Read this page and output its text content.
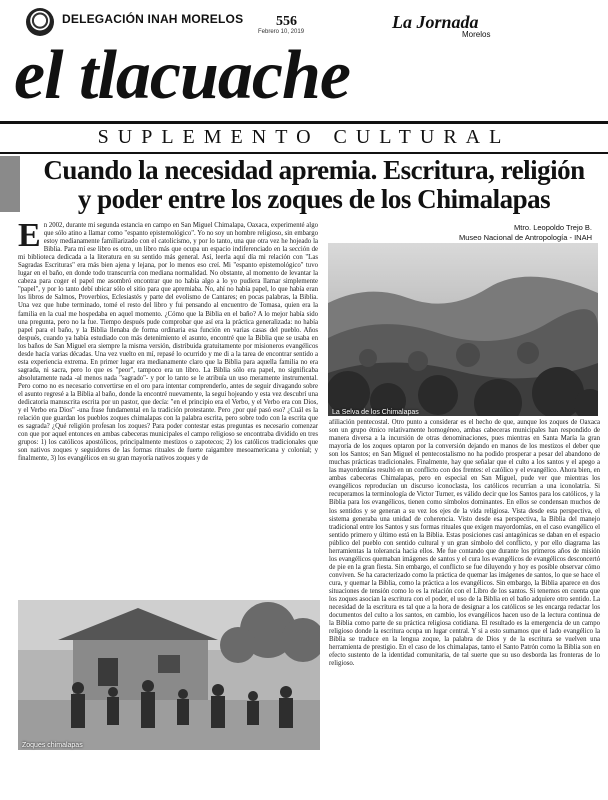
DELEGACIÓN INAH MORELOS 556
Febrero 10, 2019	La Jornada
Morelos
el tlacuache
SUPLEMENTO CULTURAL
Cuando la necesidad apremia. Escritura, religión
y poder entre los zoques de los Chimalapas
Mtro. Leopoldo Trejo B.
Museo Nacional de Antropología - INAH
E n 2002, durante mi segunda estancia en campo en San Miguel Chimalapa, Oaxaca, experimenté algo que sólo atino a llamar como "espanto epistemológico". Yo no soy un hombre religioso, sin embargo estoy medianamente familiarizado con el catolicismo, y por lo tanto, una que otra vez he hojeado la Biblia. Para mí ese libro es otro, un libro más que ocupa un espacio indiferenciado en la sección de mi biblioteca dedicada a la literatura en su sentido más general. Así, leerla aquí día mi relación con "Las Sagradas Escrituras" era más bien ajena y lejana, por lo menos eso creí. Mi "espanto epistemológico" tuvo lugar en el baño, en donde todo transcurría con mediana normalidad. No obstante, al momento de levantar la cabeza para coger el papel me asombró encontrar que no había algo a lo yo pudiera llamar simplemente "papel", y por lo tanto debí ubicar sólo el sitio para que apremiaba. No, ahí no había papel, lo que había eran los libros de Salmos, Proverbios, Eclesiastés y parte del evolismo de Cantares; en pocas palabras, la Biblia. Una vez que hube terminado, tomé el resto del libro y fui pensando al encuentro de Tomasa, quien era la familia en la cual me hospedaba en aquel momento. ¿Cómo que la Biblia en el baño? A lo mejor había sido una pregunta, pero no la fue. Tiempo después pude comprobar que así era la práctica generalizada: no había papel para el baño, y la Biblia llenaba de forma ordinaria esa función en varias casas del pueblo. Años después, cuando ya había estudiado con más detenimiento el asunto, encontré que la Biblia que se usaba en los baños de San Miguel era siempre la misma versión, distribuida gratuitamente por misioneros evangélicos desde hacía varias décadas. Una vez vuelto en mí, repasé lo ocurrido y me di a la tarea de encontrar sentido a esta experiencia extrema. En primer lugar era medianamente claro que la Biblia para aquella familia no era sagrada, ni sacra, pero lo que es "peor", tampoco era un libro. La Biblia sólo era papel, no significaba absolutamente nada -al menos nada "sagrado"- y por lo tanto se le atribuía un uso meramente instrumental. Pero como no es necesario convertirse en el oro para intentar comprenderlo, antes de seguir divagando sobre el asunto regresé a la Biblia al baño, donde la encontré nuevamente, la seguí hojeando y esta vez descubrí una dedicatoria manuscrita escrita por un pastor, que decía: "en el principio era el Verbo, y el Verbo era con Dios, y el Verbo era Dios" -una frase fundamental en la tradición protestante. Pero ¿por qué pasó eso? ¿Cuál es la relación que guardan los pueblos zoques chimalapas con la palabra escrita, pero sobre todo con la escrita que es sagrada? ¿Qué religión profesan los zoques? Para poder contestar estas preguntas es necesario comenzar con que por aquel entonces en ambas cabeceras municipales el campo religioso se encontraba dividido en tres grupos: 1) los católicos apostólicos, principalmente mestizos o zapotecos; 2) los católicos tradicionales que son nativos zoques y seguidores de las formas rituales de fuerte raigambre mesoamericana y colonial; y finalmente, 3) los evangélicos en su gran mayoría nativos zoques y de
La Selva de los Chimalapas
afiliación pentecostal. Otro punto a considerar es el hecho de que, aunque los zoques de Oaxaca son un grupo étnico relativamente homogéneo, ambas cabeceras municipales han respondido de manera diversa a la incursión de otras denominaciones, pues mientras en Santa María la gran mayoría de los zoques optaron por la conversión dejando en manos de los mestizos el deber que son los Santos; en San Miguel el pentecostalismo no ha podido prosperar a pesar del abandono de muchas prácticas tradicionales. Finalmente, hay que señalar que el culto a los santos y el apego a las mayordomías resultó en un conflicto con dos frentes: el católico y el evangélico. Ahora bien, en ambas cabeceras Chimalapas, pero en especial en San Miguel, pude ver que mientras los evangélicos reproducían un discurso iconoclasta, los católicos recurrían a una iconolatría. Si recuperamos la terminología de Victor Turner, es válido decir que los Santos para los católicos, y la Biblia para los evangélicos, tienen como símbolos dominantes. En ellos se condensan muchos de los sentidos y se generan a su vez los ejes de la vida religiosa. Vista desde esta perspectiva, el sistema generaba una unidad de coherencia. Visto desde esa perspectiva, la Biblia del manejo tradicional entre los Santos y sus formas rituales que exigen mayordomías, en el caso evangélico el sentido primero y último está en la Biblia. Estas posiciones casi antagónicas se daban en el espacio público del pueblo con sentido cultural y un gran símbolo del conflicto, y por ello diagrama las herramientas la tolerancia hacia ellos. Me fue contando que durante los primeros años de misión los evangélicos quemaban imágenes de santos y el cura los evangélicos de evangélicos desconcertó de pie en la gran fiesta. Sin embargo, el conflicto se fue diluyendo y hoy es posible observar cómo conviven. Se ha caracterizado como la práctica de quemar las imágenes de santos, lo que se hace el cura, y quemar la Biblia, como la práctica a los evangélicos. Sin embargo, la Biblia aparece en dos situaciones de tensión como lo es la relación con el Libro de los santos. Si tenemos en cuenta que los zoques asocian la escritura con el poder, el uso de la Biblia en el baño adquiere otro sentido. La necesidad de la escritura es tal que a la hora de designar a los católicos se les encarga redactar los documentos del culto a los santos, en cambio, los evangélicos hacen uso de la lectura continua de la Biblia como parte de su práctica religiosa cotidiana. El resultado es la emergencia de un campo religioso donde la escritura ocupa un lugar central. Y si a esto sumamos que el lado evangélico la Biblia se traduce en la lengua zoque, la palabra de Dios y de la escritura se vuelven una herramienta de prestigio. En el caso de los chimalapas, tanto el Santo Patrón como la Biblia son en efecto sustento de la identidad comunitaria, de tal suerte que su uso desborda las fronteras de lo religioso.
Zoques chimalapas
